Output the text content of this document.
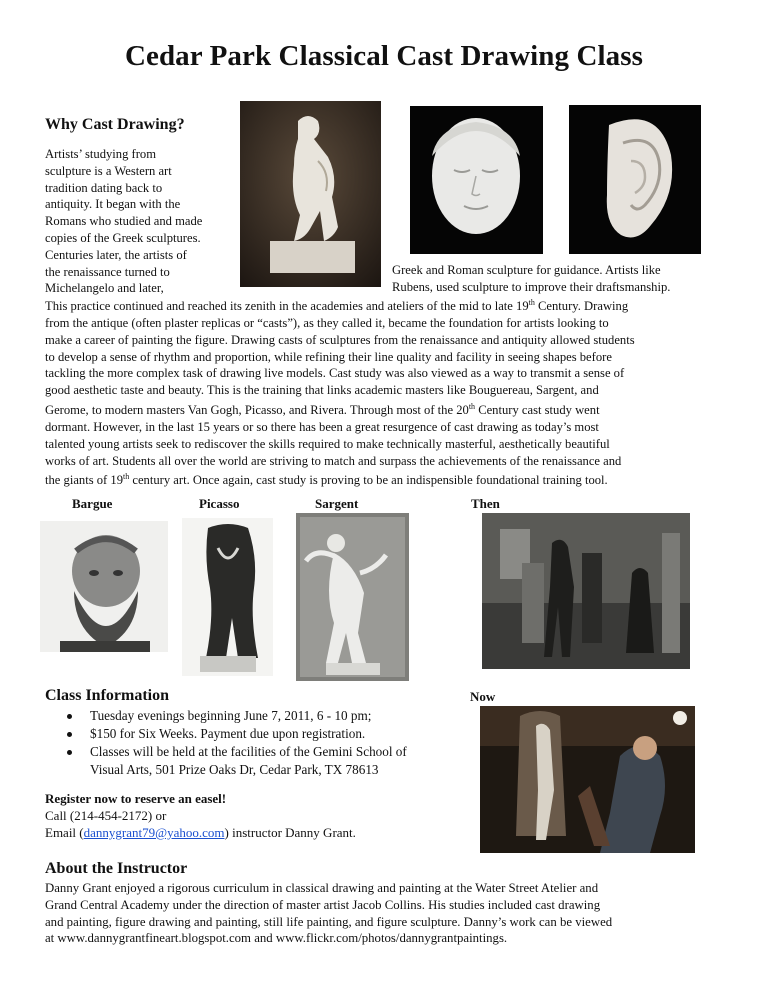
Cedar Park Classical Cast Drawing Class
Why Cast Drawing?
Artists’ studying from
sculpture is a Western art
tradition dating back to
antiquity. It began with the
Romans who studied and made
copies of the Greek sculptures.
Centuries later, the artists of
the renaissance turned to
Michelangelo and later,
Greek and Roman sculpture for guidance. Artists like
Rubens, used sculpture to improve their draftsmanship.
This practice continued and reached its zenith in the academies and ateliers of the mid to late 19th Century. Drawing
from the antique (often plaster replicas or “casts”), as they called it, became the foundation for artists looking to
make a career of painting the figure. Drawing casts of sculptures from the renaissance and antiquity allowed students
to develop a sense of rhythm and proportion, while refining their line quality and facility in seeing shapes before
tackling the more complex task of drawing live models. Cast study was also viewed as a way to transmit a sense of
good aesthetic taste and beauty. This is the training that links academic masters like Bouguereau, Sargent, and
Gerome, to modern masters Van Gogh, Picasso, and Rivera. Through most of the 20th Century cast study went
dormant. However, in the last 15 years or so there has been a great resurgence of cast drawing as today’s most
talented young artists seek to rediscover the skills required to make technically masterful, aesthetically beautiful
works of art. Students all over the world are striving to match and surpass the achievements of the renaissance and
the giants of 19th century art. Once again, cast study is proving to be an indispensible foundational training tool.
Bargue	Picasso	Sargent	Then
Class Information
Tuesday evenings beginning June 7, 2011, 6 - 10 pm;
$150 for Six Weeks. Payment due upon registration.
Classes will be held at the facilities of the Gemini School of
Visual Arts, 501 Prize Oaks Dr, Cedar Park, TX 78613
Register now to reserve an easel!
Call (214-454-2172) or
Email (dannygrant79@yahoo.com) instructor Danny Grant.
Now
About the Instructor
Danny Grant enjoyed a rigorous curriculum in classical drawing and painting at the Water Street Atelier and
Grand Central Academy under the direction of master artist Jacob Collins. His studies included cast drawing
and painting, figure drawing and painting, still life painting, and figure sculpture. Danny’s work can be viewed
at www.dannygrantfineart.blogspot.com and www.flickr.com/photos/dannygrantpaintings.
